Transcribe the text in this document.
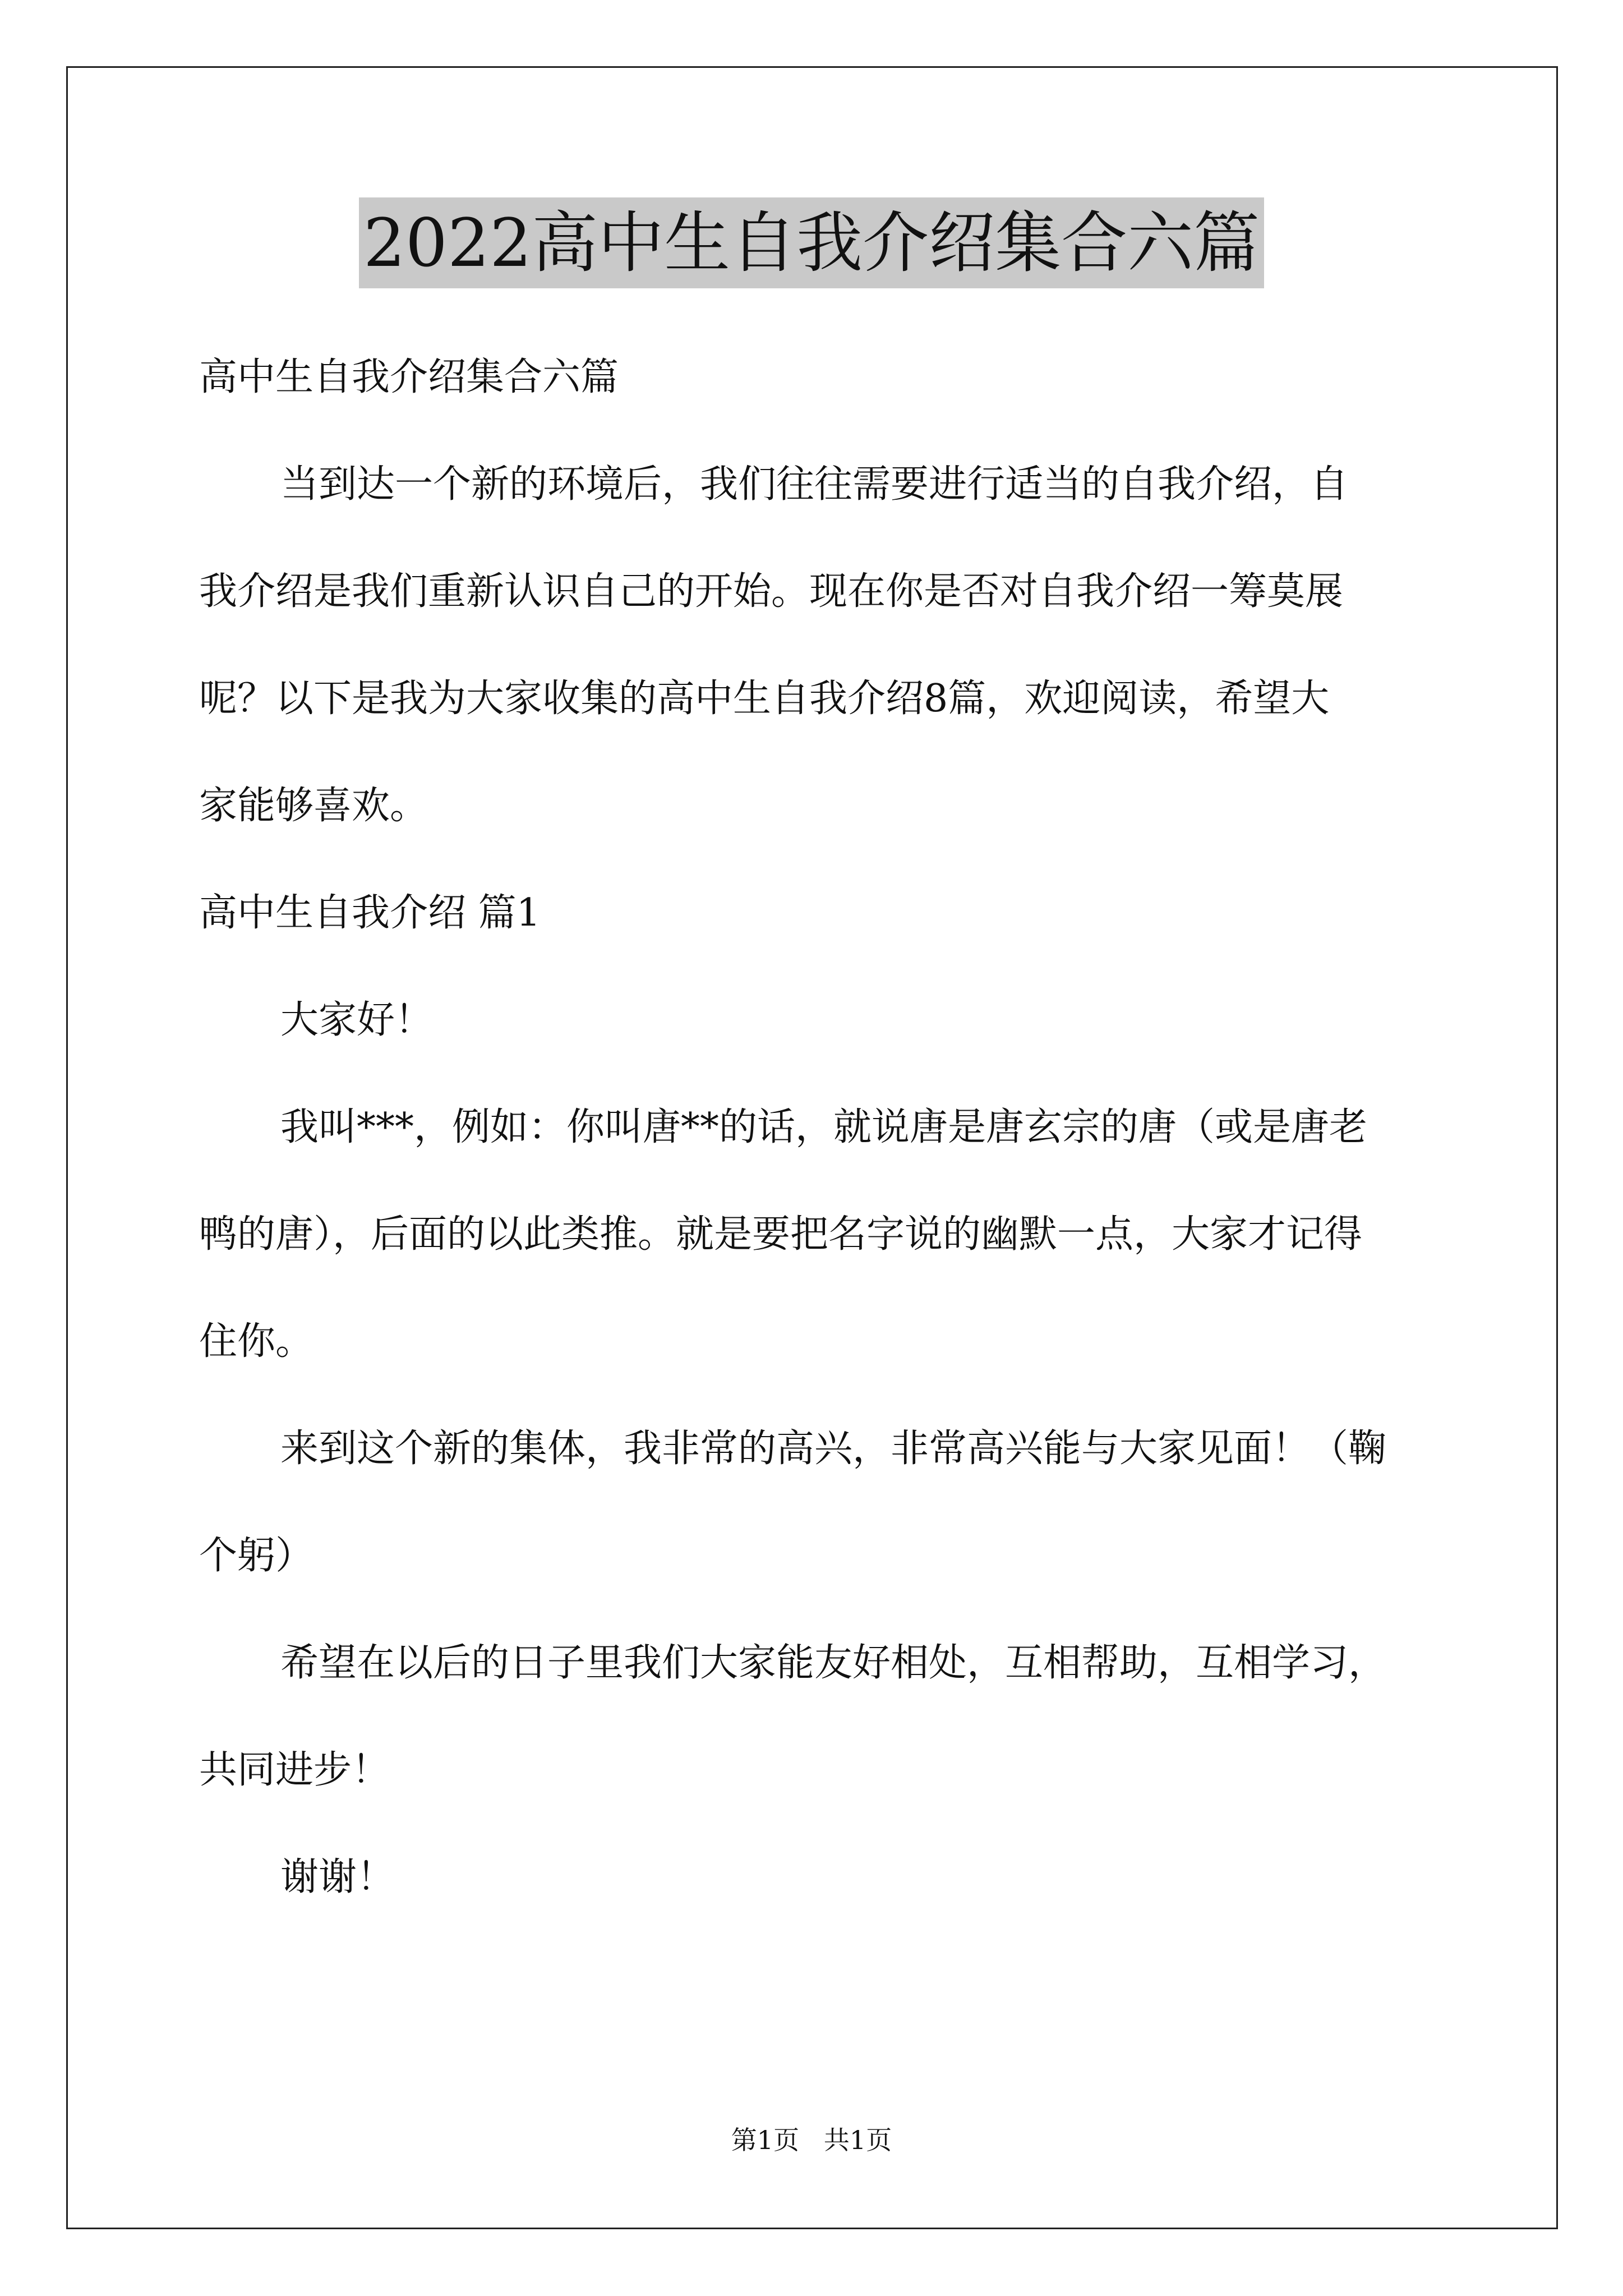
2022高中生自我介绍集合六篇
高中生自我介绍集合六篇
当到达一个新的环境后，我们往往需要进行适当的自我介绍，自
我介绍是我们重新认识自己的开始。现在你是否对自我介绍一筹莫展
呢？以下是我为大家收集的高中生自我介绍8篇，欢迎阅读，希望大
家能够喜欢。
高中生自我介绍 篇1
大家好！
我叫***，例如：你叫唐**的话，就说唐是唐玄宗的唐（或是唐老
鸭的唐），后面的以此类推。就是要把名字说的幽默一点，大家才记得
住你。
来到这个新的集体，我非常的高兴，非常高兴能与大家见面！（鞠
个躬）
希望在以后的日子里我们大家能友好相处，互相帮助，互相学习，
共同进步！
谢谢！
第1页   共1页
